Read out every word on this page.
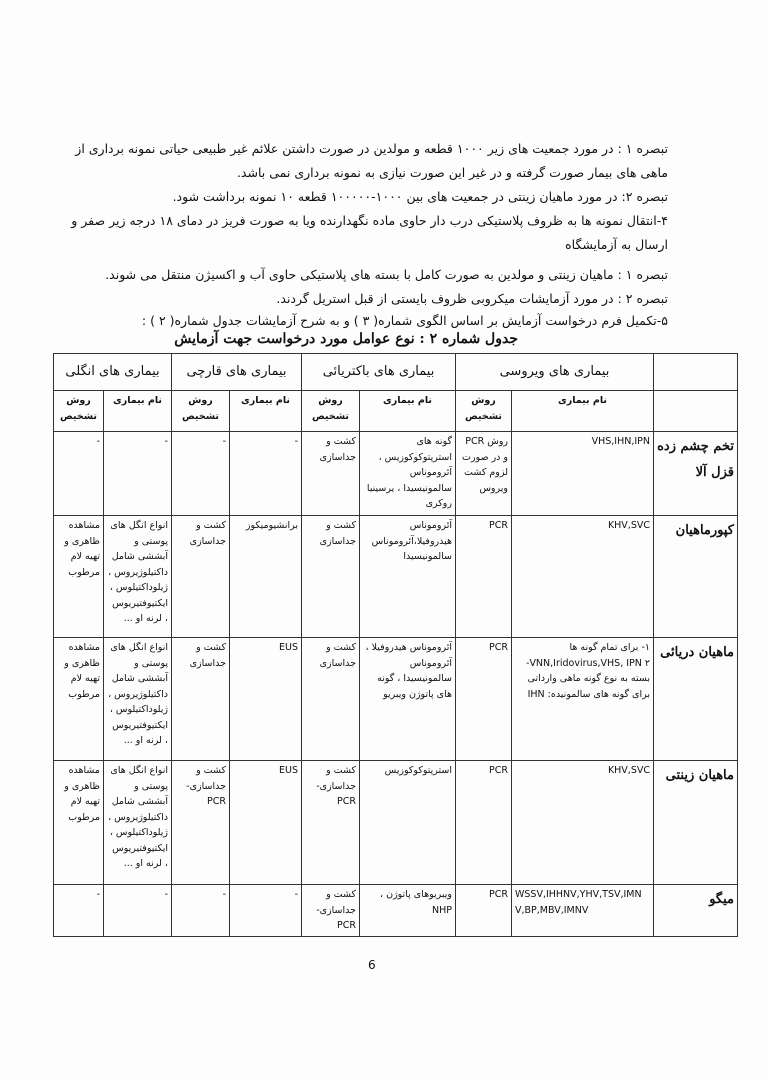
تبصره ۱ : در مورد جمعیت های زیر ۱۰۰۰ قطعه و مولدین در صورت داشتن علائم غیر طبیعی حیاتی نمونه برداری از ماهی های بیمار صورت گرفته و در غیر این صورت نیازی به نمونه برداری نمی باشد.
تبصره ۲: در مورد ماهیان زینتی در جمعیت های بین ۱۰۰۰-۱۰۰۰۰۰ قطعه ۱۰ نمونه برداشت شود.
۴-انتقال نمونه ها به ظروف پلاستیکی درب دار حاوی ماده نگهدارنده ویا به صورت فریز در دمای ۱۸ درجه زیر صفر و ارسال به آزمایشگاه
تبصره ۱ : ماهیان زینتی و مولدین به صورت کامل با بسته های پلاستیکی حاوی آب و اکسیژن منتقل می شوند.
تبصره ۲ : در مورد آزمایشات میکروبی ظروف بایستی از قبل استریل گردند.
۵-تکمیل فرم درخواست آزمایش بر اساس الگوی شماره( ۳ ) و به شرح آزمایشات جدول شماره( ۲ ) :
جدول شماره ۲ : نوع عوامل مورد درخواست جهت آزمایش
	بیماری های ویروسی		بیماری های باکتریائی		بیماری های قارچی		بیماری های انگلی	
	نام بیماری	روش تشخیص	نام بیماری	روش تشخیص	نام بیماری	روش تشخیص	نام بیماری	روش تشخیص
تخم چشم زده قزل آلا	VHS,IHN,IPN	روش PCR و در صورت لزوم کشت ویروس	گونه های استرپتوکوکوزیس ، آئروموناس سالمونیسیدا ، یرسینیا روکری	کشت و جداسازی	-	-	-	-
کپورماهیان	KHV,SVC	PCR	آئروموناس هیدروفیلا،آئروموناس سالمونیسیدا	کشت و جداسازی	برانشیومیکوز	کشت و جداسازی	انواع انگل های پوستی و آبششی شامل داکتیلوژیروس ، ژیلوداکتیلوس ، ایکتیوفتیریوس ، لرنه او ...	مشاهده ظاهری و تهیه لام مرطوب
ماهیان دریائی	۱- برای تمام گونه ها VNN,Iridovirus,VHS, IPN ۲- بسته به نوع گونه ماهی وارداتی برای گونه های سالمونیده: IHN	PCR	آئروموناس هیدروفیلا ، آئروموناس سالمونیسیدا ، گونه های پاتوژن ویبریو	کشت و جداسازی	EUS	کشت و جداسازی	انواع انگل های پوستی و آبششی شامل داکتیلوژیروس ، ژیلوداکتیلوس ، ایکتیوفتیریوس ، لرنه او ...	مشاهده ظاهری و تهیه لام مرطوب
ماهیان زینتی	KHV,SVC	PCR	استرپتوکوکوزیس	کشت و جداسازی- PCR	EUS	کشت و جداسازی- PCR	انواع انگل های پوستی و آبششی شامل داکتیلوژیروس ، ژیلوداکتیلوس ، ایکتیوفتیریوس ، لرنه او ...	مشاهده ظاهری و تهیه لام مرطوب
میگو	WSSV,IHHNV,YHV,TSV,IMNV,BP,MBV,IMNV	PCR	ویبریوهای پاتوژن ، NHP	کشت و جداسازی- PCR	-	-	-	-
6
